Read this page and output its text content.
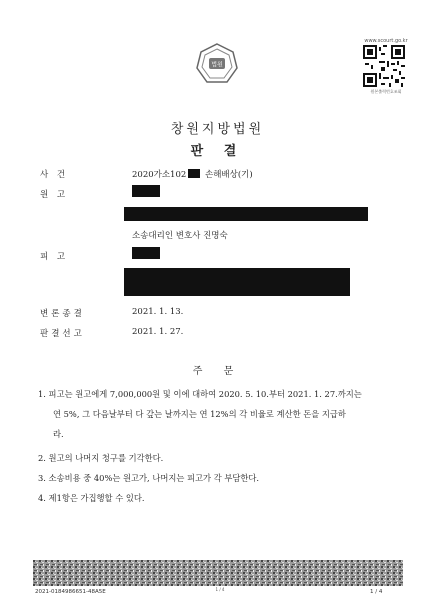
법원
www.scourt.go.kr
원본출력번호조회
창원지방법원
판 결
사 건	2020가소102 손해배상(기)
원 고
소송대리인 변호사 진명숙
피 고
변론종결	2021. 1. 13.
판결선고	2021. 1. 27.
주 문
1. 피고는 원고에게 7,000,000원 및 이에 대하여 2020. 5. 10.부터 2021. 1. 27.까지는
연 5%, 그 다음날부터 다 갚는 날까지는 연 12%의 각 비율로 계산한 돈을 지급하
라.
2. 원고의 나머지 청구를 기각한다.
3. 소송비용 중 40%는 원고가, 나머지는 피고가 각 부담한다.
4. 제1항은 가집행할 수 있다.
2021-0184986651-48A5E	1 / 4	1 / 4
